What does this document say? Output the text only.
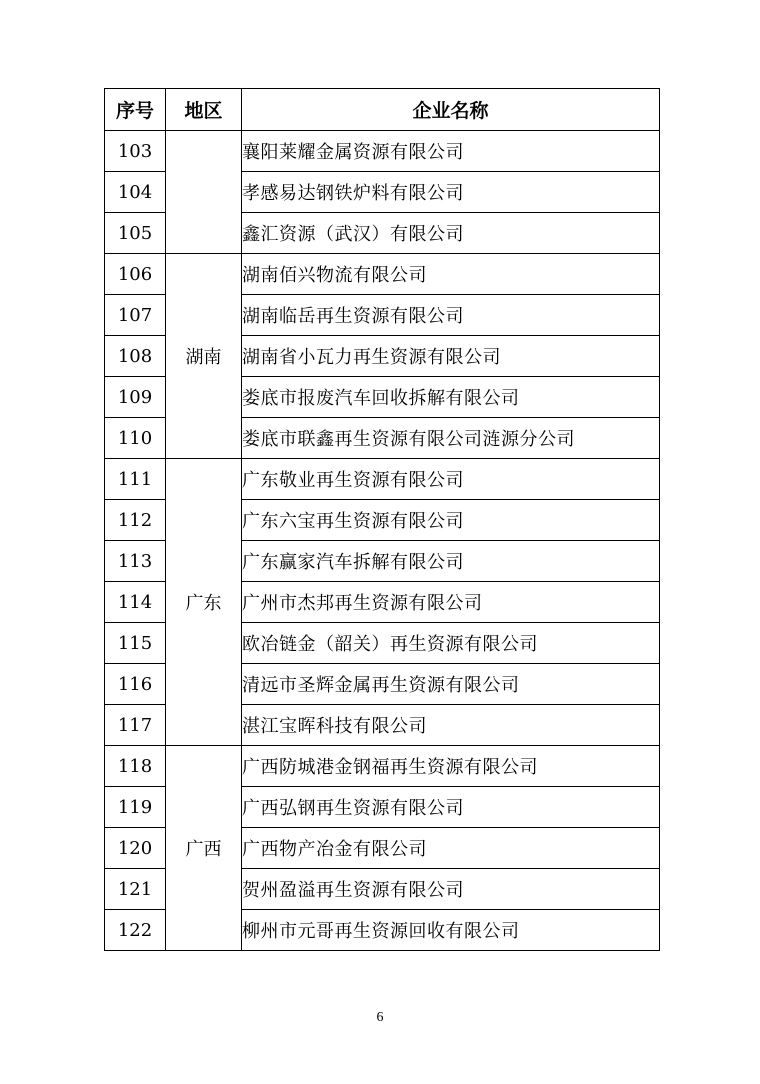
序号	地区	企业名称
103		襄阳莱耀金属资源有限公司
104		孝感易达钢铁炉料有限公司
105		鑫汇资源（武汉）有限公司
106	湖南	湖南佰兴物流有限公司
107		湖南临岳再生资源有限公司
108		湖南省小瓦力再生资源有限公司
109		娄底市报废汽车回收拆解有限公司
110		娄底市联鑫再生资源有限公司涟源分公司
111	广东	广东敬业再生资源有限公司
112		广东六宝再生资源有限公司
113		广东赢家汽车拆解有限公司
114		广州市杰邦再生资源有限公司
115		欧冶链金（韶关）再生资源有限公司
116		清远市圣辉金属再生资源有限公司
117		湛江宝晖科技有限公司
118	广西	广西防城港金钢福再生资源有限公司
119		广西弘钢再生资源有限公司
120		广西物产冶金有限公司
121		贺州盈溢再生资源有限公司
122		柳州市元哥再生资源回收有限公司
6
